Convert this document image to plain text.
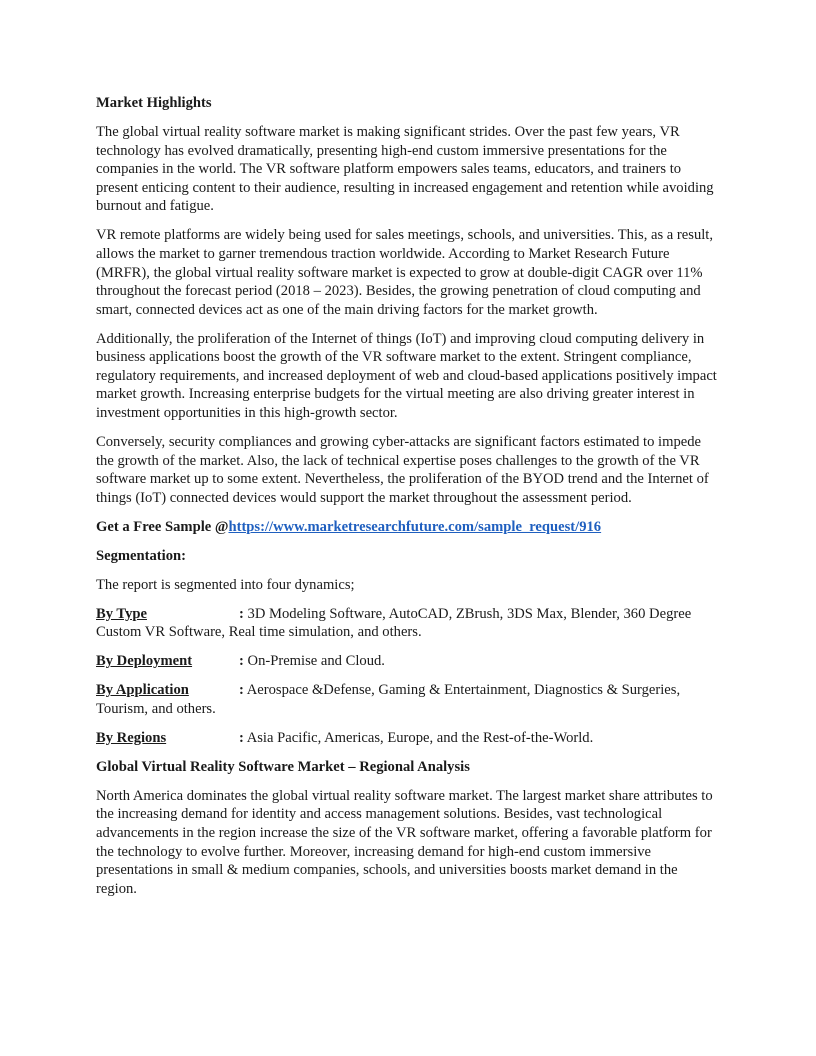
Market Highlights

The global virtual reality software market is making significant strides. Over the past few years, VR technology has evolved dramatically, presenting high-end custom immersive presentations for the companies in the world. The VR software platform empowers sales teams, educators, and trainers to present enticing content to their audience, resulting in increased engagement and retention while avoiding burnout and fatigue.

VR remote platforms are widely being used for sales meetings, schools, and universities. This, as a result, allows the market to garner tremendous traction worldwide. According to Market Research Future (MRFR), the global virtual reality software market is expected to grow at double-digit CAGR over 11% throughout the forecast period (2018 – 2023). Besides, the growing penetration of cloud computing and smart, connected devices act as one of the main driving factors for the market growth.

Additionally, the proliferation of the Internet of things (IoT) and improving cloud computing delivery in business applications boost the growth of the VR software market to the extent. Stringent compliance, regulatory requirements, and increased deployment of web and cloud-based applications positively impact market growth. Increasing enterprise budgets for the virtual meeting are also driving greater interest in investment opportunities in this high-growth sector.

Conversely, security compliances and growing cyber-attacks are significant factors estimated to impede the growth of the market. Also, the lack of technical expertise poses challenges to the growth of the VR software market up to some extent. Nevertheless, the proliferation of the BYOD trend and the Internet of things (IoT) connected devices would support the market throughout the assessment period.

Get a Free Sample @https://www.marketresearchfuture.com/sample_request/916

Segmentation:

The report is segmented into four dynamics;

By Type	: 3D Modeling Software, AutoCAD, ZBrush, 3DS Max, Blender, 360 Degree Custom VR Software, Real time simulation, and others.

By Deployment	: On-Premise and Cloud.

By Application	: Aerospace &Defense, Gaming & Entertainment, Diagnostics & Surgeries, Tourism, and others.

By Regions	: Asia Pacific, Americas, Europe, and the Rest-of-the-World.

Global Virtual Reality Software Market – Regional Analysis

North America dominates the global virtual reality software market. The largest market share attributes to the increasing demand for identity and access management solutions. Besides, vast technological advancements in the region increase the size of the VR software market, offering a favorable platform for the technology to evolve further. Moreover, increasing demand for high-end custom immersive presentations in small & medium companies, schools, and universities boosts market demand in the region.
